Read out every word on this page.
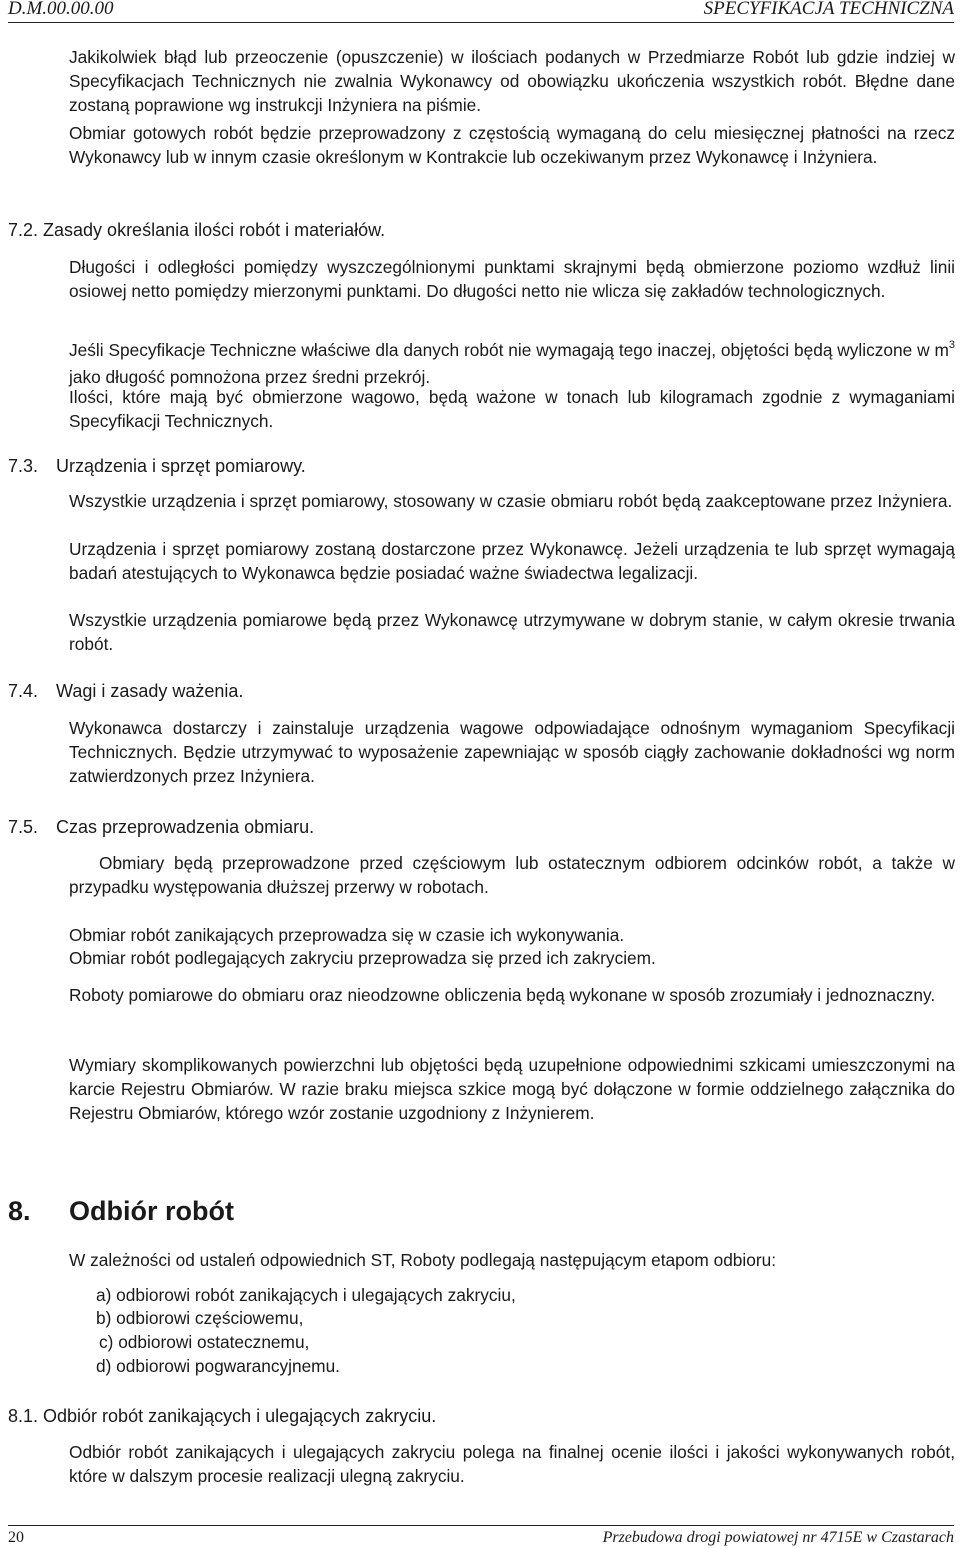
D.M.00.00.00	SPECYFIKACJA TECHNICZNA
Jakikolwiek błąd lub przeoczenie (opuszczenie) w ilościach podanych w Przedmiarze Robót lub gdzie indziej w Specyfikacjach Technicznych nie zwalnia Wykonawcy od obowiązku ukończenia wszystkich robót. Błędne dane zostaną poprawione wg instrukcji Inżyniera na piśmie.
Obmiar gotowych robót będzie przeprowadzony z częstością wymaganą do celu miesięcznej płatności na rzecz Wykonawcy lub w innym czasie określonym w Kontrakcie lub oczekiwanym przez Wykonawcę i Inżyniera.
7.2. Zasady określania ilości robót i materiałów.
Długości i odległości pomiędzy wyszczególnionymi punktami skrajnymi będą obmierzone poziomo wzdłuż linii osiowej netto pomiędzy mierzonymi punktami. Do długości netto nie wlicza się zakładów technologicznych.
Jeśli Specyfikacje Techniczne właściwe dla danych robót nie wymagają tego inaczej, objętości będą wyliczone w $m^3$ jako długość pomnożona przez średni przekrój.
Ilości, które mają być obmierzone wagowo, będą ważone w tonach lub kilogramach zgodnie z wymaganiami Specyfikacji Technicznych.
7.3. Urządzenia i sprzęt pomiarowy.
Wszystkie urządzenia i sprzęt pomiarowy, stosowany w czasie obmiaru robót będą zaakceptowane przez Inżyniera.
Urządzenia i sprzęt pomiarowy zostaną dostarczone przez Wykonawcę. Jeżeli urządzenia te lub sprzęt wymagają badań atestujących to Wykonawca będzie posiadać ważne świadectwa legalizacji.
Wszystkie urządzenia pomiarowe będą przez Wykonawcę utrzymywane w dobrym stanie, w całym okresie trwania robót.
7.4. Wagi i zasady ważenia.
Wykonawca dostarczy i zainstaluje urządzenia wagowe odpowiadające odnośnym wymaganiom Specyfikacji Technicznych. Będzie utrzymywać to wyposażenie zapewniając w sposób ciągły zachowanie dokładności wg norm zatwierdzonych przez Inżyniera.
7.5. Czas przeprowadzenia obmiaru.
Obmiary będą przeprowadzone przed częściowym lub ostatecznym odbiorem odcinków robót, a także w przypadku występowania dłuższej przerwy w robotach.
Obmiar robót zanikających przeprowadza się w czasie ich wykonywania.
Obmiar robót podlegających zakryciu przeprowadza się przed ich zakryciem.
Roboty pomiarowe do obmiaru oraz nieodzowne obliczenia będą wykonane w sposób zrozumiały i jednoznaczny.
Wymiary skomplikowanych powierzchni lub objętości będą uzupełnione odpowiednimi szkicami umieszczonymi na karcie Rejestru Obmiarów. W razie braku miejsca szkice mogą być dołączone w formie oddzielnego załącznika do Rejestru Obmiarów, którego wzór zostanie uzgodniony z Inżynierem.
8. Odbiór robót
W zależności od ustaleń odpowiednich ST, Roboty podlegają następującym etapom odbioru:
a) odbiorowi robót zanikających i ulegających zakryciu,
b) odbiorowi częściowemu,
c) odbiorowi ostatecznemu,
d) odbiorowi pogwarancyjnemu.
8.1. Odbiór robót zanikających i ulegających zakryciu.
Odbiór robót zanikających i ulegających zakryciu polega na finalnej ocenie ilości i jakości wykonywanych robót, które w dalszym procesie realizacji ulegną zakryciu.
20	Przebudowa drogi powiatowej nr 4715E w Czastarach
